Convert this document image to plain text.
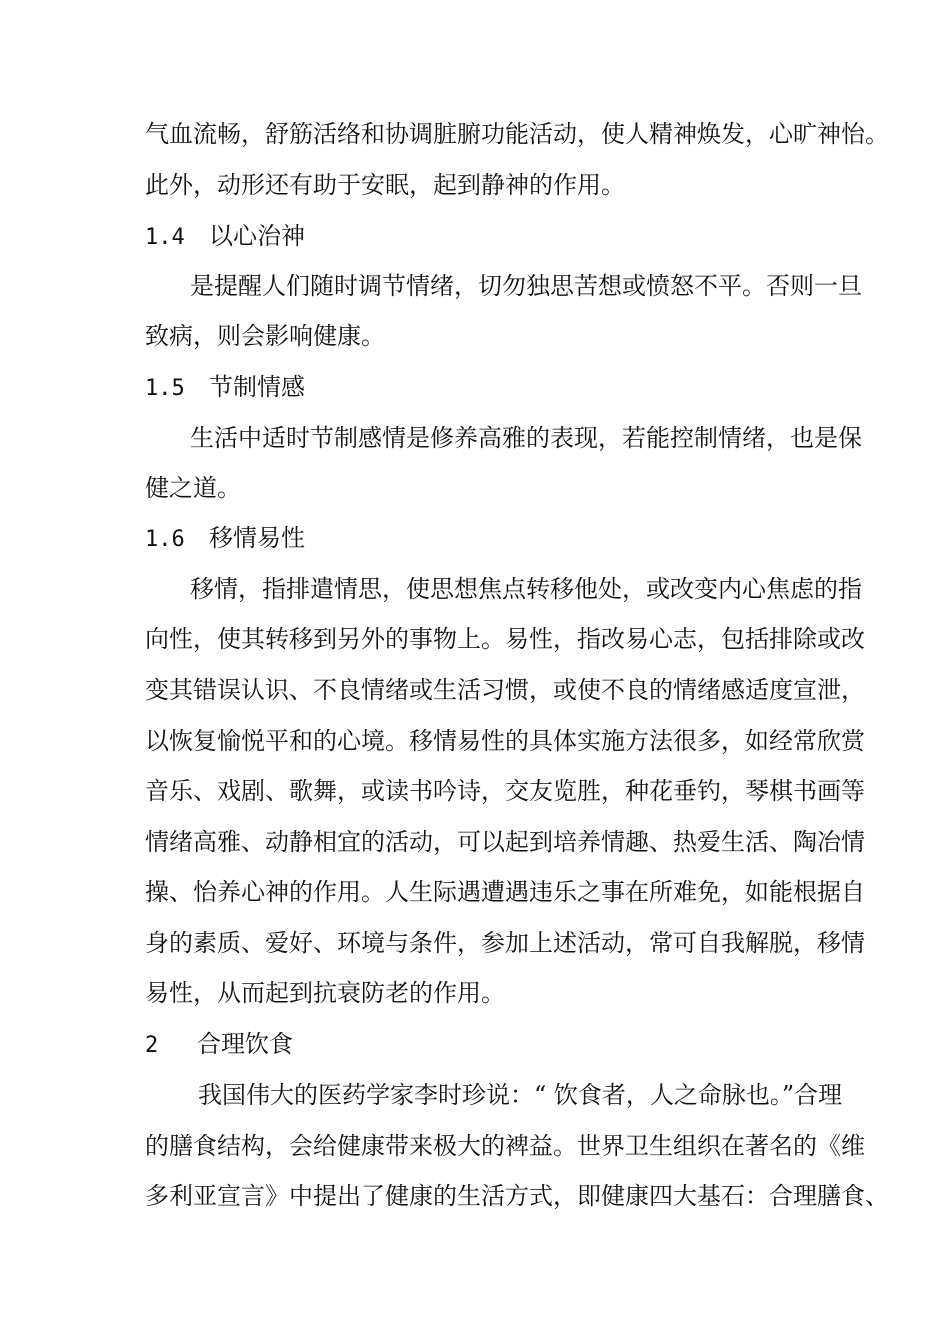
气血流畅，舒筋活络和协调脏腑功能活动，使人精神焕发，心旷神怡。
此外，动形还有助于安眠，起到静神的作用。
1.4 以心治神
是提醒人们随时调节情绪，切勿独思苦想或愤怒不平。否则一旦
致病，则会影响健康。
1.5 节制情感
生活中适时节制感情是修养高雅的表现，若能控制情绪，也是保
健之道。
1.6 移情易性
移情，指排遣情思，使思想焦点转移他处，或改变内心焦虑的指
向性，使其转移到另外的事物上。易性，指改易心志，包括排除或改
变其错误认识、不良情绪或生活习惯，或使不良的情绪感适度宣泄，
以恢复愉悦平和的心境。移情易性的具体实施方法很多，如经常欣赏
音乐、戏剧、歌舞，或读书吟诗，交友览胜，种花垂钓，琴棋书画等
情绪高雅、动静相宜的活动，可以起到培养情趣、热爱生活、陶冶情
操、怡养心神的作用。人生际遇遭遇违乐之事在所难免，如能根据自
身的素质、爱好、环境与条件，参加上述活动，常可自我解脱，移情
易性，从而起到抗衰防老的作用。
2 合理饮食
我国伟大的医药学家李时珍说：“ 饮食者，人之命脉也。”合理
的膳食结构，会给健康带来极大的裨益。世界卫生组织在著名的《维
多利亚宣言》中提出了健康的生活方式，即健康四大基石：合理膳食、
